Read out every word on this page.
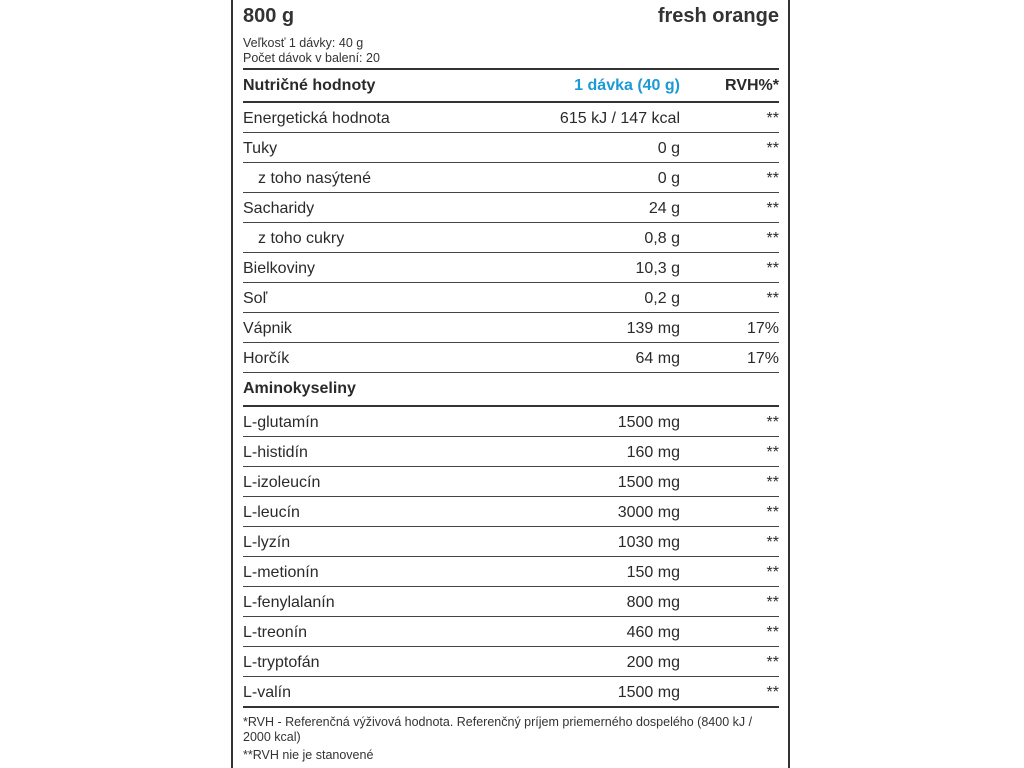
800 g	fresh orange
Veľkosť 1 dávky: 40 g
Počet dávok v balení: 20
Nutričné hodnoty	1 dávka (40 g)	RVH%*
Energetická hodnota	615 kJ / 147 kcal	**
Tuky	0 g	**
z toho nasýtené	0 g	**
Sacharidy	24 g	**
z toho cukry	0,8 g	**
Bielkoviny	10,3 g	**
Soľ	0,2 g	**
Vápnik	139 mg	17%
Horčík	64 mg	17%
Aminokyseliny
L-glutamín	1500 mg	**
L-histidín	160 mg	**
L-izoleucín	1500 mg	**
L-leucín	3000 mg	**
L-lyzín	1030 mg	**
L-metionín	150 mg	**
L-fenylalanín	800 mg	**
L-treonín	460 mg	**
L-tryptofán	200 mg	**
L-valín	1500 mg	**
*RVH - Referenčná výživová hodnota. Referenčný príjem priemerného dospelého (8400 kJ / 2000 kcal)
**RVH nie je stanovené
